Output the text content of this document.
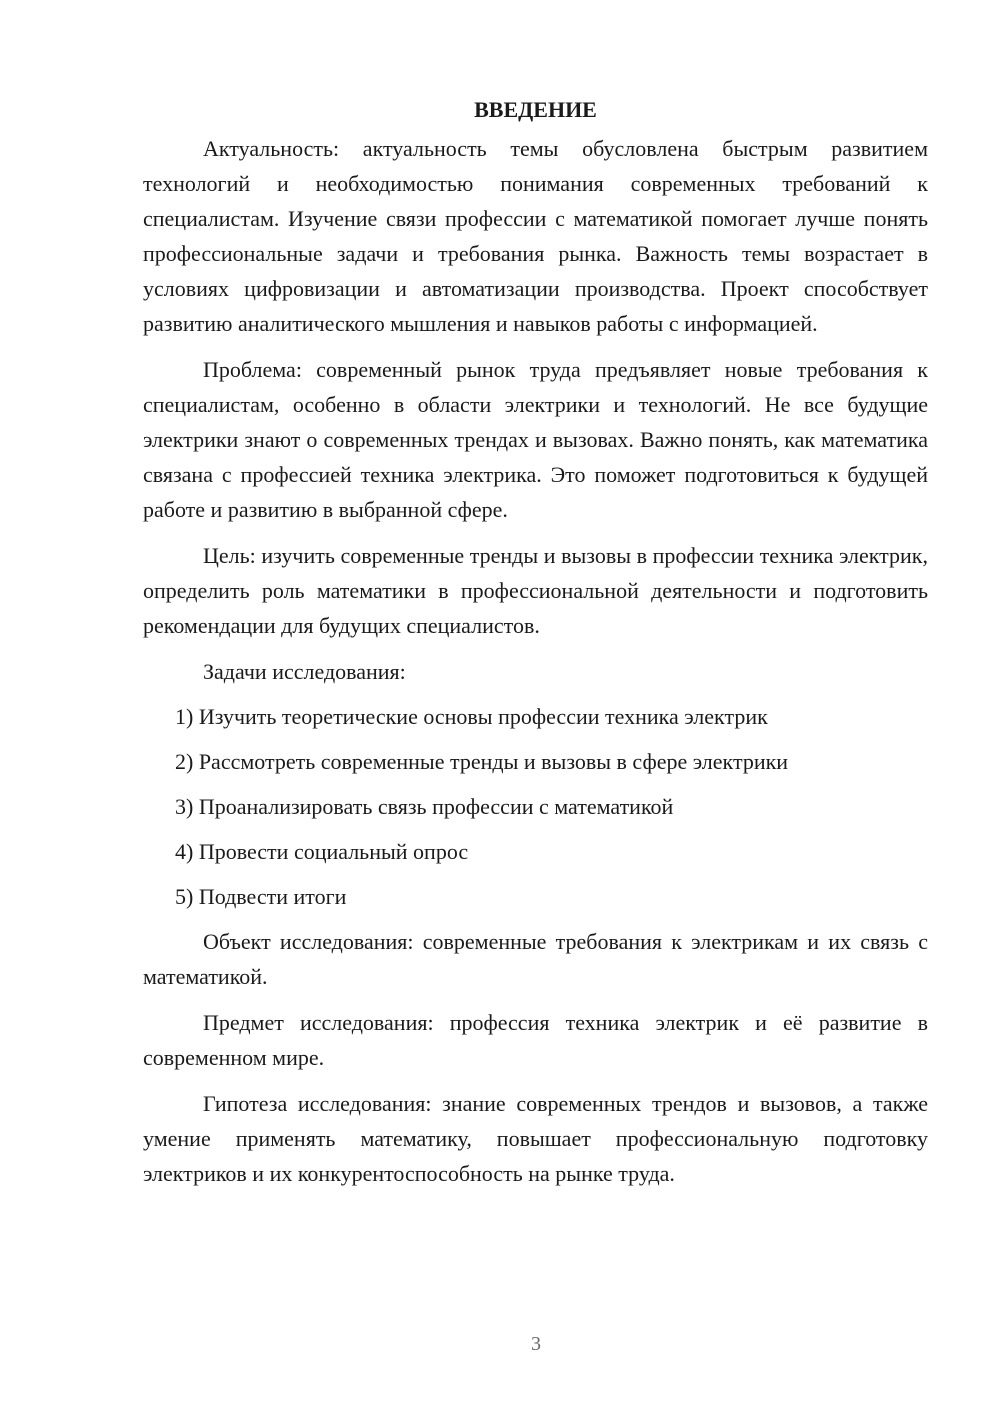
ВВЕДЕНИЕ

Актуальность: актуальность темы обусловлена быстрым развитием технологий и необходимостью понимания современных требований к специалистам. Изучение связи профессии с математикой помогает лучше понять профессиональные задачи и требования рынка. Важность темы возрастает в условиях цифровизации и автоматизации производства. Проект способствует развитию аналитического мышления и навыков работы с информацией.

Проблема: современный рынок труда предъявляет новые требования к специалистам, особенно в области электрики и технологий. Не все будущие электрики знают о современных трендах и вызовах. Важно понять, как математика связана с профессией техника электрика. Это поможет подготовиться к будущей работе и развитию в выбранной сфере.

Цель: изучить современные тренды и вызовы в профессии техника электрик, определить роль математики в профессиональной деятельности и подготовить рекомендации для будущих специалистов.

Задачи исследования:

1) Изучить теоретические основы профессии техника электрик
2) Рассмотреть современные тренды и вызовы в сфере электрики
3) Проанализировать связь профессии с математикой
4) Провести социальный опрос
5) Подвести итоги

Объект исследования: современные требования к электрикам и их связь с математикой.

Предмет исследования: профессия техника электрик и её развитие в современном мире.

Гипотеза исследования: знание современных трендов и вызовов, а также умение применять математику, повышает профессиональную подготовку электриков и их конкурентоспособность на рынке труда.

3
